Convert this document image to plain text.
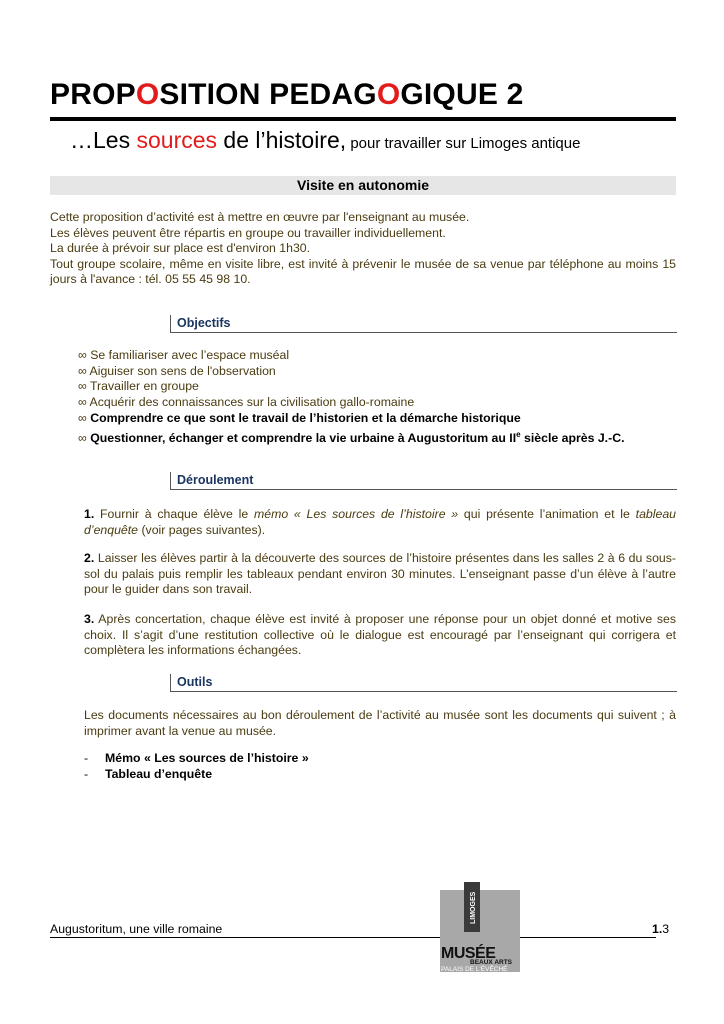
PROPOSITION PEDAGOGIQUE 2
…Les sources de l’histoire, pour travailler sur Limoges antique
Visite en autonomie
Cette proposition d’activité est à mettre en œuvre par l'enseignant au musée.
Les élèves peuvent être répartis en groupe ou travailler individuellement.
La durée à prévoir sur place est d'environ 1h30.
Tout groupe scolaire, même en visite libre, est invité à prévenir le musée de sa venue par téléphone au moins 15 jours à l'avance : tél. 05 55 45 98 10.
Objectifs
∞ Se familiariser avec l’espace muséal
∞ Aiguiser son sens de l'observation
∞ Travailler en groupe
∞ Acquérir des connaissances sur la civilisation gallo-romaine
∞ Comprendre ce que sont le travail de l’historien et la démarche historique
∞ Questionner, échanger et comprendre la vie urbaine à Augustoritum au IIe siècle après J.-C.
Déroulement
1. Fournir à chaque élève le mémo « Les sources de l’histoire » qui présente l’animation et le tableau d’enquête (voir pages suivantes).
2. Laisser les élèves partir à la découverte des sources de l’histoire présentes dans les salles 2 à 6 du sous-sol du palais puis remplir les tableaux pendant environ 30 minutes. L’enseignant passe d’un élève à l’autre pour le guider dans son travail.
3. Après concertation, chaque élève est invité à proposer une réponse pour un objet donné et motive ses choix. Il s’agit d’une restitution collective où le dialogue est encouragé par l’enseignant qui corrigera et complètera les informations échangées.
Outils
Les documents nécessaires au bon déroulement de l’activité au musée sont les documents qui suivent ; à imprimer avant la venue au musée.
- Mémo « Les sources de l’histoire »
- Tableau d’enquête
Augustoritum, une ville romaine	1.3
LIMOGES
MUSÉE
BEAUX ARTS
PALAIS DE L'ÉVÊCHÉ
